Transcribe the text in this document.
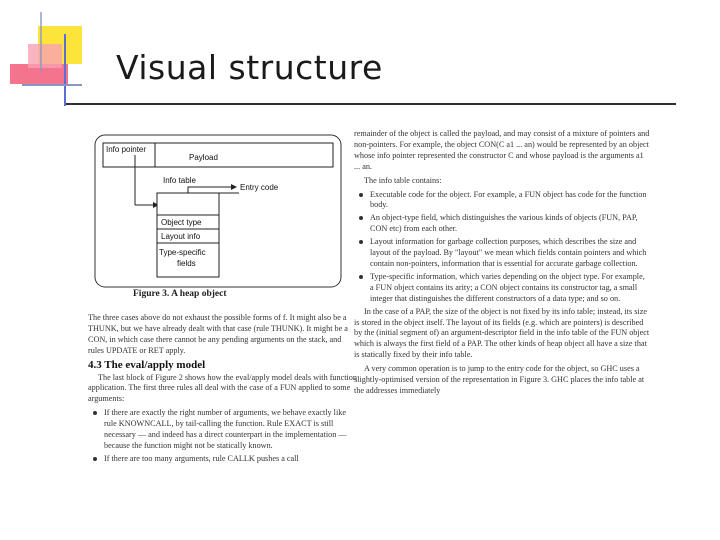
Visual structure
Info pointer
Payload
Info table
Object type
Layout info
Type-specific
fields
Entry code
Figure 3. A heap object

The three cases above do not exhaust the possible forms of f. It might also be a THUNK, but we have already dealt with that case (rule THUNK). It might be a CON, in which case there cannot be any pending arguments on the stack, and rules UPDATE or RET apply.

4.3 The eval/apply model

The last block of Figure 2 shows how the eval/apply model deals with function application. The first three rules all deal with the case of a FUN applied to some arguments:

If there are exactly the right number of arguments, we behave exactly like rule KNOWNCALL, by tail-calling the function. Rule EXACT is still necessary — and indeed has a direct counterpart in the implementation — because the function might not be statically known.
If there are too many arguments, rule CALLK pushes a call

remainder of the object is called the payload, and may consist of a mixture of pointers and non-pointers. For example, the object CON(C a1 ... an) would be represented by an object whose info pointer represented the constructor C and whose payload is the arguments a1 ... an.

The info table contains:

Executable code for the object. For example, a FUN object has code for the function body.
An object-type field, which distinguishes the various kinds of objects (FUN, PAP, CON etc) from each other.
Layout information for garbage collection purposes, which describes the size and layout of the payload. By "layout" we mean which fields contain pointers and which contain non-pointers, information that is essential for accurate garbage collection.
Type-specific information, which varies depending on the object type. For example, a FUN object contains its arity; a CON object contains its constructor tag, a small integer that distinguishes the different constructors of a data type; and so on.

In the case of a PAP, the size of the object is not fixed by its info table; instead, its size is stored in the object itself. The layout of its fields (e.g. which are pointers) is described by the (initial segment of) an argument-descriptor field in the info table of the FUN object which is always the first field of a PAP. The other kinds of heap object all have a size that is statically fixed by their info table.

A very common operation is to jump to the entry code for the object, so GHC uses a slightly-optimised version of the representation in Figure 3. GHC places the info table at the addresses immediately
